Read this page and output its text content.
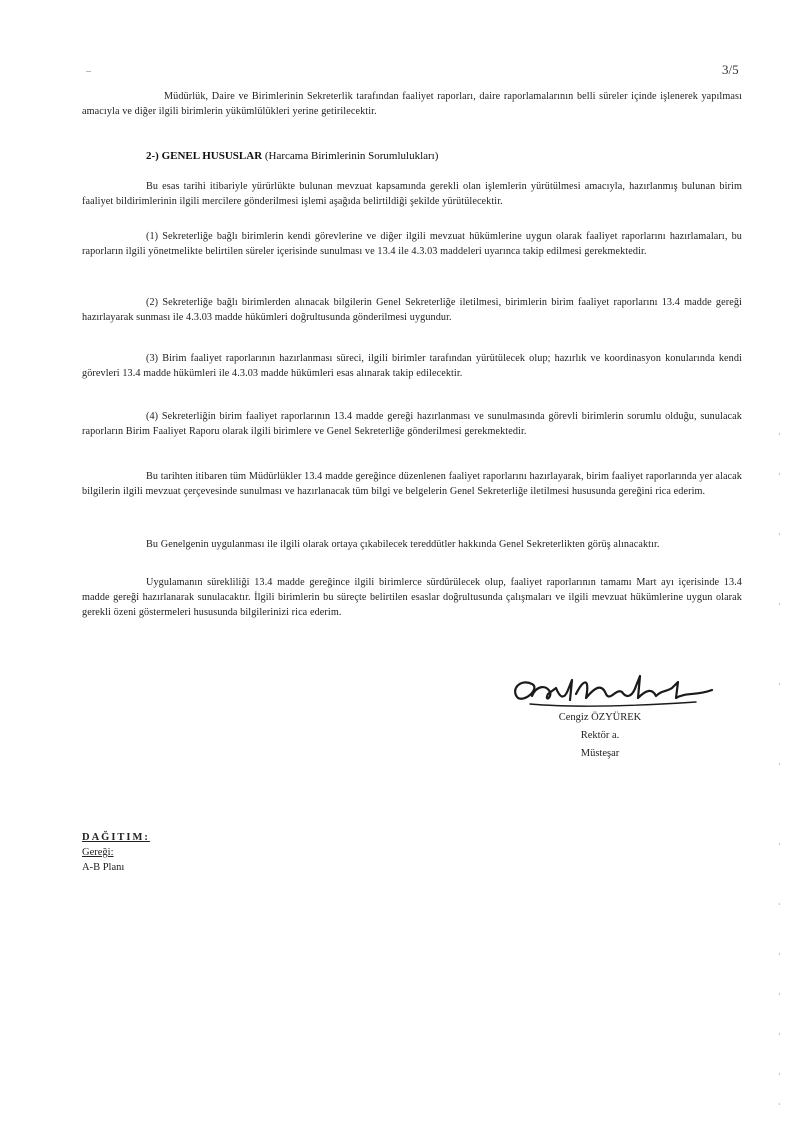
–	3/5
Müdürlük, Daire ve Birimlerinin Sekreterlik tarafından faaliyet raporları, daire raporlamalarının belli süreler içinde işlenerek yapılması amacıyla ve diğer ilgili birimlerin yükümlülükleri yerine getirilecektir.
2-) GENEL HUSUSLAR (Harcama Birimlerinin Sorumlulukları)
Bu esas tarihi itibariyle yürürlükte bulunan mevzuat kapsamında gerekli olan işlemlerin yürütülmesi amacıyla, hazırlanmış bulunan birim faaliyet bildirimlerinin ilgili mercilere gönderilmesi işlemi aşağıda belirtildiği şekilde yürütülecektir.
(1) Sekreterliğe bağlı birimlerin kendi görevlerine ve diğer ilgili mevzuat hükümlerine uygun olarak faaliyet raporlarını hazırlamaları, bu raporların ilgili yönetmelikte belirtilen süreler içerisinde sunulması ve 13.4 ile 4.3.03 maddeleri uyarınca takip edilmesi gerekmektedir.
(2) Sekreterliğe bağlı birimlerden alınacak bilgilerin Genel Sekreterliğe iletilmesi, birimlerin birim faaliyet raporlarını 13.4 madde gereği hazırlayarak sunması ile 4.3.03 madde hükümleri doğrultusunda gönderilmesi uygundur.
(3) Birim faaliyet raporlarının hazırlanması süreci, ilgili birimler tarafından yürütülecek olup; hazırlık ve koordinasyon konularında kendi görevleri 13.4 madde hükümleri ile 4.3.03 madde hükümleri esas alınarak takip edilecektir.
(4) Sekreterliğin birim faaliyet raporlarının 13.4 madde gereği hazırlanması ve sunulmasında görevli birimlerin sorumlu olduğu, sunulacak raporların Birim Faaliyet Raporu olarak ilgili birimlere ve Genel Sekreterliğe gönderilmesi gerekmektedir.
Bu tarihten itibaren tüm Müdürlükler 13.4 madde gereğince düzenlenen faaliyet raporlarını hazırlayarak, birim faaliyet raporlarında yer alacak bilgilerin ilgili mevzuat çerçevesinde sunulması ve hazırlanacak tüm bilgi ve belgelerin Genel Sekreterliğe iletilmesi hususunda gereğini rica ederim.
Bu Genelgenin uygulanması ile ilgili olarak ortaya çıkabilecek tereddütler hakkında Genel Sekreterlikten görüş alınacaktır.
Uygulamanın sürekliliği 13.4 madde gereğince ilgili birimlerce sürdürülecek olup, faaliyet raporlarının tamamı Mart ayı içerisinde 13.4 madde gereği hazırlanarak sunulacaktır. İlgili birimlerin bu süreçte belirtilen esaslar doğrultusunda çalışmaları ve ilgili mevzuat hükümlerine uygun olarak gerekli özeni göstermeleri hususunda bilgilerinizi rica ederim.
Cengiz ÖZYÜREK
Rektör a.
Müsteşar
DAĞITIM:
Gereği:
A-B Planı
·
·
·
·
·
·
·
·
·
·
·
·
·
